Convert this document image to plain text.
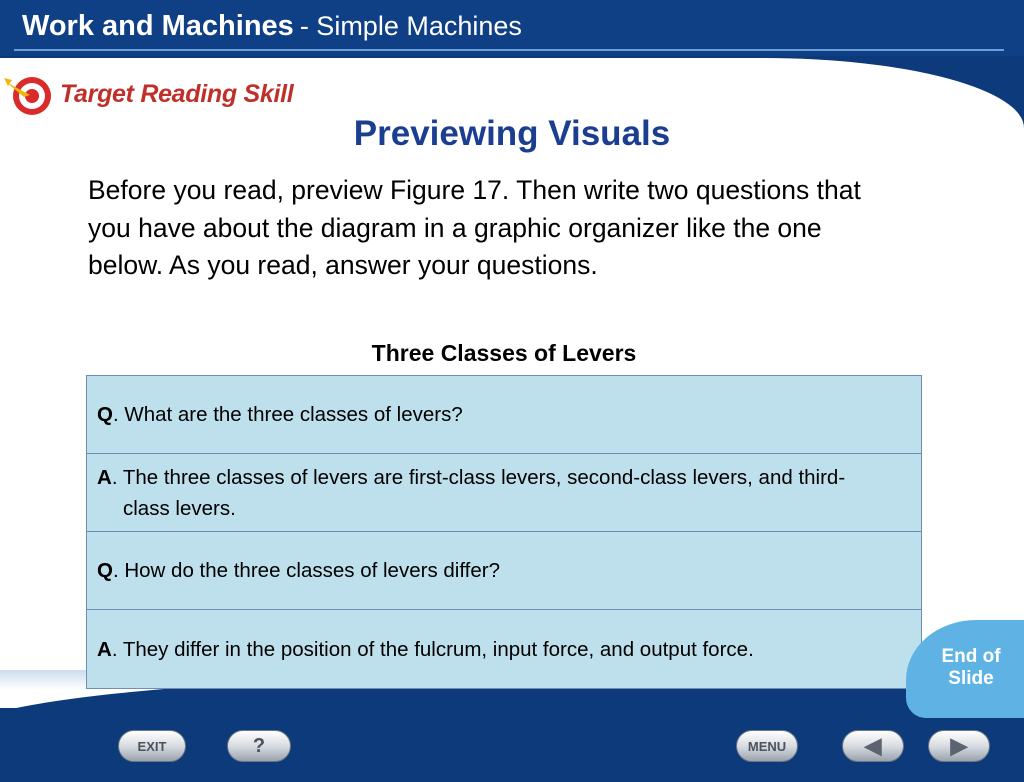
Work and Machines - Simple Machines
Target Reading Skill
Previewing Visuals
Before you read, preview Figure 17. Then write two questions that you have about the diagram in a graphic organizer like the one below. As you read, answer your questions.
Three Classes of Levers
Q. What are the three classes of levers?
A. The three classes of levers are first-class levers, second-class levers, and third-class levers.
Q. How do the three classes of levers differ?
A. They differ in the position of the fulcrum, input force, and output force.	End of
Slide
EXIT	?	MENU	◀	▶
